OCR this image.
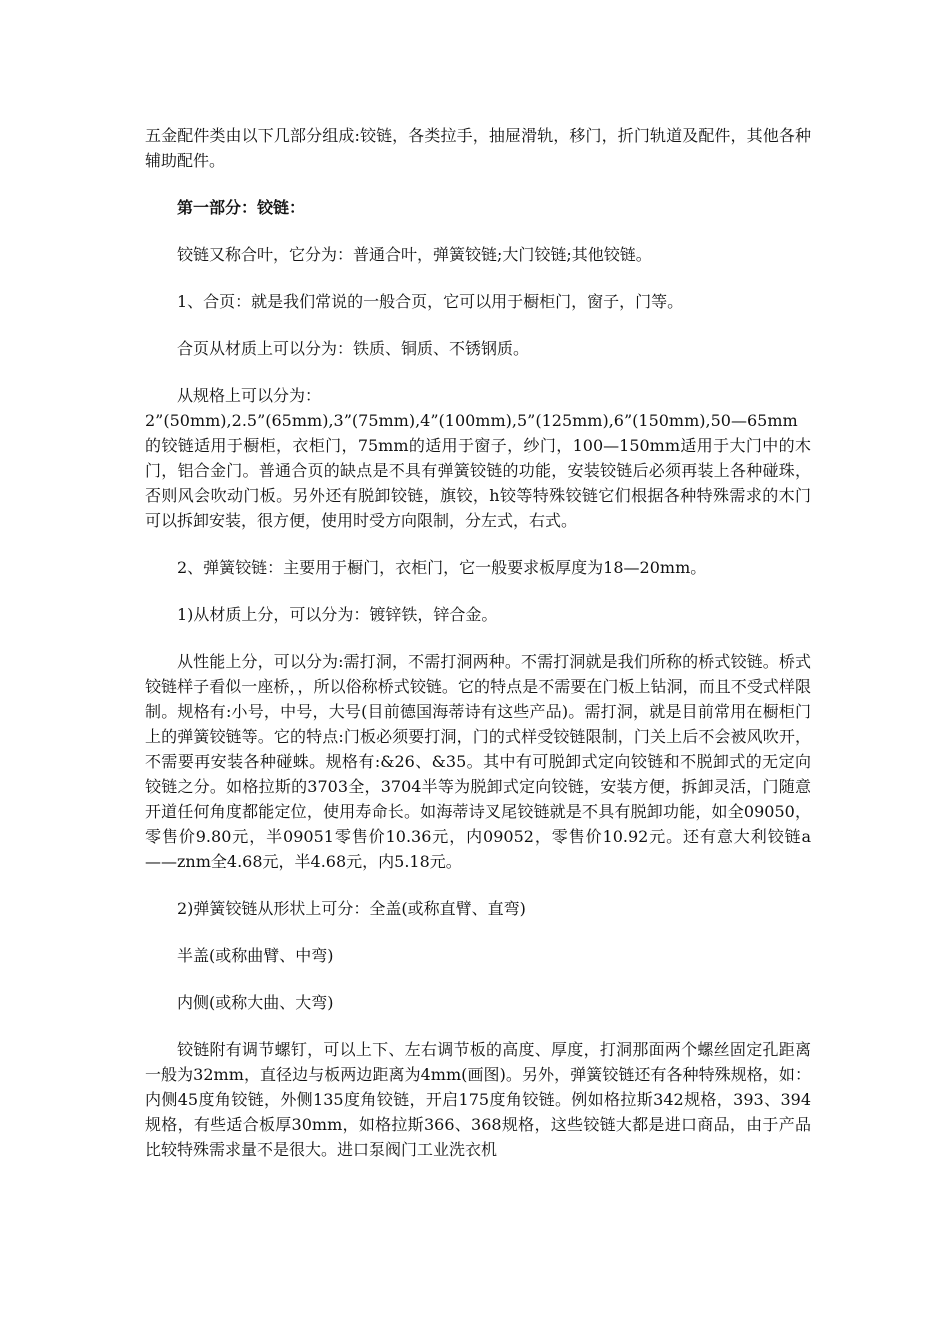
五金配件类由以下几部分组成:铰链，各类拉手，抽屉滑轨，移门，折门轨道及配件，其他各种辅助配件。

第一部分：铰链：

铰链又称合叶，它分为：普通合叶，弹簧铰链;大门铰链;其他铰链。

1、合页：就是我们常说的一般合页，它可以用于橱柜门，窗子，门等。

合页从材质上可以分为：铁质、铜质、不锈钢质。

从规格上可以分为：
2”(50mm),2.5”(65mm),3”(75mm),4”(100mm),5”(125mm),6”(150mm),50—65mm的铰链适用于橱柜，衣柜门，75mm的适用于窗子，纱门，100—150mm适用于大门中的木门，铝合金门。普通合页的缺点是不具有弹簧铰链的功能，安装铰链后必须再装上各种碰珠，否则风会吹动门板。另外还有脱卸铰链，旗铰，h铰等特殊铰链它们根据各种特殊需求的木门可以拆卸安装，很方便，使用时受方向限制，分左式，右式。

2、弹簧铰链：主要用于橱门，衣柜门，它一般要求板厚度为18—20mm。

1)从材质上分，可以分为：镀锌铁，锌合金。

从性能上分，可以分为:需打洞，不需打洞两种。不需打洞就是我们所称的桥式铰链。桥式铰链样子看似一座桥，，所以俗称桥式铰链。它的特点是不需要在门板上钻洞，而且不受式样限制。规格有:小号，中号，大号(目前德国海蒂诗有这些产品)。需打洞，就是目前常用在橱柜门上的弹簧铰链等。它的特点:门板必须要打洞，门的式样受铰链限制，门关上后不会被风吹开，不需要再安装各种碰蛛。规格有:&26、&35。其中有可脱卸式定向铰链和不脱卸式的无定向铰链之分。如格拉斯的3703全，3704半等为脱卸式定向铰链，安装方便，拆卸灵活，门随意开道任何角度都能定位，使用寿命长。如海蒂诗叉尾铰链就是不具有脱卸功能，如全09050，零售价9.80元，半09051零售价10.36元，内09052，零售价10.92元。还有意大利铰链a——znm全4.68元，半4.68元，内5.18元。

2)弹簧铰链从形状上可分：全盖(或称直臂、直弯)

半盖(或称曲臂、中弯)

内侧(或称大曲、大弯)

铰链附有调节螺钉，可以上下、左右调节板的高度、厚度，打洞那面两个螺丝固定孔距离一般为32mm，直径边与板两边距离为4mm(画图)。另外，弹簧铰链还有各种特殊规格，如：内侧45度角铰链，外侧135度角铰链，开启175度角铰链。例如格拉斯342规格，393、394规格，有些适合板厚30mm，如格拉斯366、368规格，这些铰链大都是进口商品，由于产品比较特殊需求量不是很大。进口泵阀门工业洗衣机
